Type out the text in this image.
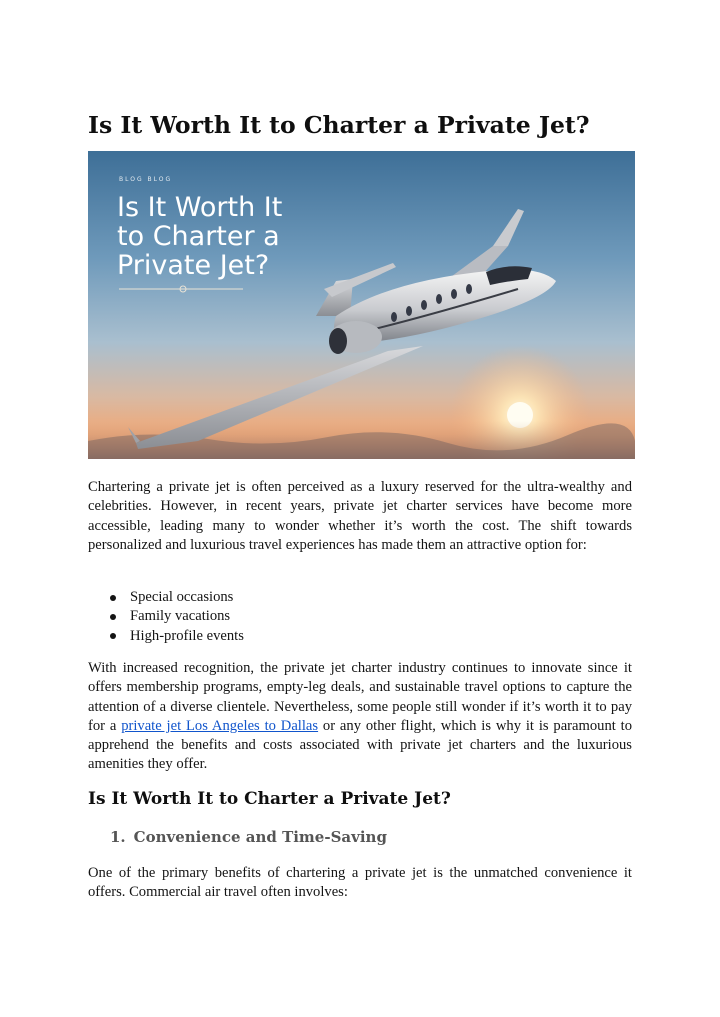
Is It Worth It to Charter a Private Jet?
BLOG BLOG
Is It Worth It
to Charter a
Private Jet?

Chartering a private jet is often perceived as a luxury reserved for the ultra-wealthy and celebrities. However, in recent years, private jet charter services have become more accessible, leading many to wonder whether it’s worth the cost. The shift towards personalized and luxurious travel experiences has made them an attractive option for:

Special occasions
Family vacations
High-profile events

With increased recognition, the private jet charter industry continues to innovate since it offers membership programs, empty-leg deals, and sustainable travel options to capture the attention of a diverse clientele. Nevertheless, some people still wonder if it’s worth it to pay for a private jet Los Angeles to Dallas or any other flight, which is why it is paramount to apprehend the benefits and costs associated with private jet charters and the luxurious amenities they offer.

Is It Worth It to Charter a Private Jet?
1. Convenience and Time-Saving

One of the primary benefits of chartering a private jet is the unmatched convenience it offers. Commercial air travel often involves:
